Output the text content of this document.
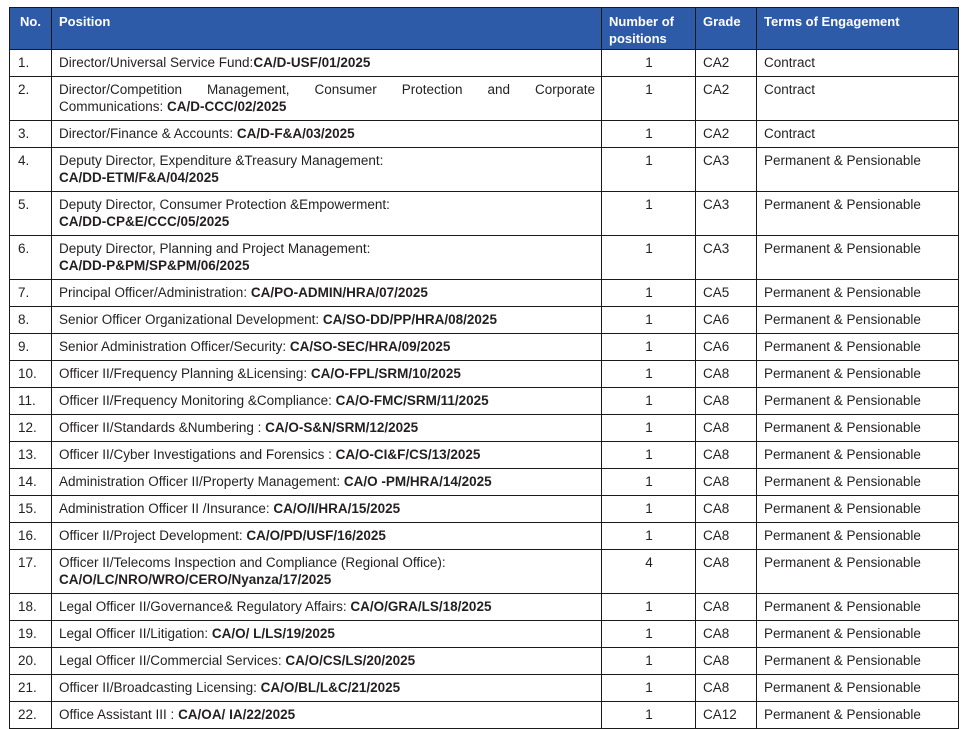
No.	Position	Number of positions	Grade	Terms of Engagement
1.	Director/Universal Service Fund:CA/D-USF/01/2025	1	CA2	Contract
2.	Director/Competition Management, Consumer Protection and Corporate Communications: CA/D-CCC/02/2025	1	CA2	Contract
3.	Director/Finance & Accounts: CA/D-F&A/03/2025	1	CA2	Contract
4.	Deputy Director, Expenditure &Treasury Management:
CA/DD-ETM/F&A/04/2025	1	CA3	Permanent & Pensionable
5.	Deputy Director, Consumer Protection &Empowerment:
CA/DD-CP&E/CCC/05/2025	1	CA3	Permanent & Pensionable
6.	Deputy Director, Planning and Project Management:
CA/DD-P&PM/SP&PM/06/2025	1	CA3	Permanent & Pensionable
7.	Principal Officer/Administration: CA/PO-ADMIN/HRA/07/2025	1	CA5	Permanent & Pensionable
8.	Senior Officer Organizational Development: CA/SO-DD/PP/HRA/08/2025	1	CA6	Permanent & Pensionable
9.	Senior Administration Officer/Security: CA/SO-SEC/HRA/09/2025	1	CA6	Permanent & Pensionable
10.	Officer II/Frequency Planning &Licensing: CA/O-FPL/SRM/10/2025	1	CA8	Permanent & Pensionable
11.	Officer II/Frequency Monitoring &Compliance: CA/O-FMC/SRM/11/2025	1	CA8	Permanent & Pensionable
12.	Officer II/Standards &Numbering : CA/O-S&N/SRM/12/2025	1	CA8	Permanent & Pensionable
13.	Officer II/Cyber Investigations and Forensics : CA/O-CI&F/CS/13/2025	1	CA8	Permanent & Pensionable
14.	Administration Officer II/Property Management: CA/O -PM/HRA/14/2025	1	CA8	Permanent & Pensionable
15.	Administration Officer II /Insurance: CA/O/I/HRA/15/2025	1	CA8	Permanent & Pensionable
16.	Officer II/Project Development: CA/O/PD/USF/16/2025	1	CA8	Permanent & Pensionable
17.	Officer II/Telecoms Inspection and Compliance (Regional Office):
CA/O/LC/NRO/WRO/CERO/Nyanza/17/2025	4	CA8	Permanent & Pensionable
18.	Legal Officer II/Governance& Regulatory Affairs: CA/O/GRA/LS/18/2025	1	CA8	Permanent & Pensionable
19.	Legal Officer II/Litigation: CA/O/ L/LS/19/2025	1	CA8	Permanent & Pensionable
20.	Legal Officer II/Commercial Services: CA/O/CS/LS/20/2025	1	CA8	Permanent & Pensionable
21.	Officer II/Broadcasting Licensing: CA/O/BL/L&C/21/2025	1	CA8	Permanent & Pensionable
22.	Office Assistant III : CA/OA/ IA/22/2025	1	CA12	Permanent & Pensionable
